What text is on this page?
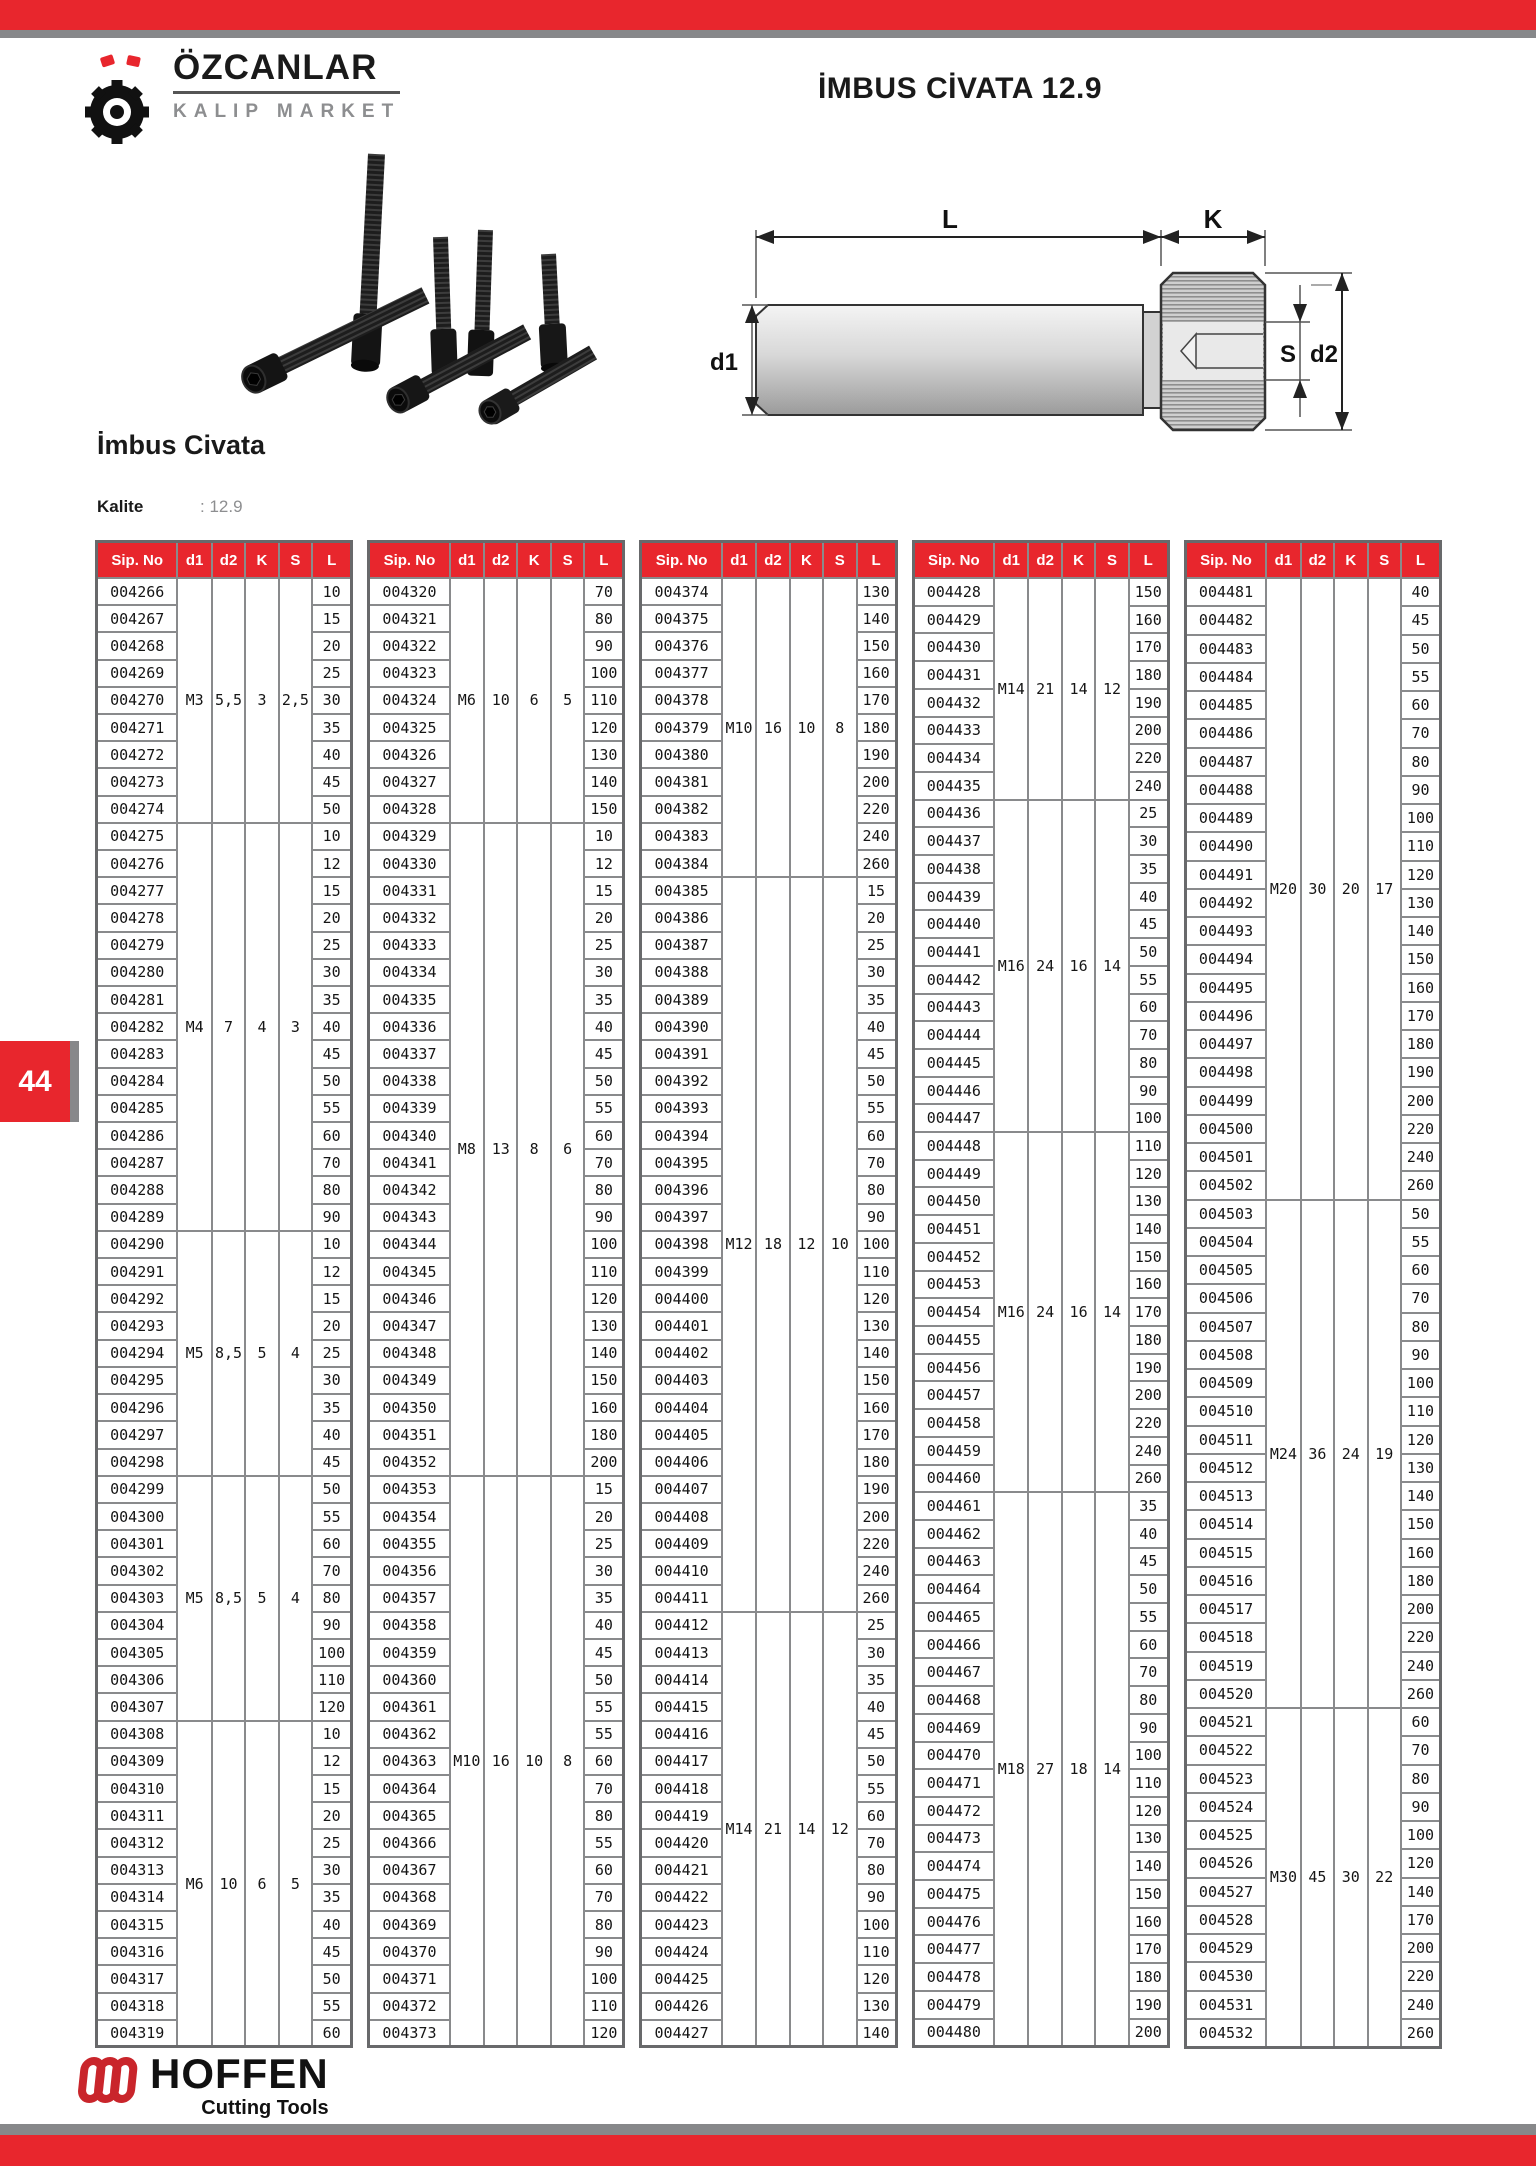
ÖZCANLAR
KALIP MARKET
İMBUS CİVATA 12.9
L	K
d1	S d2
İmbus Civata
Kalite	: 12.9
Sip. No	d1	d2	K	S	L
004266	M3	5,5	3	2,5	10
004267					15
004268					20
004269					25
004270					30
004271					35
004272					40
004273					45
004274					50
004275	M4	7	4	3	10
004276					12
004277					15
004278					20
004279					25
004280					30
004281					35
004282					40
004283					45
004284					50
004285					55
004286					60
004287					70
004288					80
004289					90
004290	M5	8,5	5	4	10
004291					12
004292					15
004293					20
004294					25
004295					30
004296					35
004297					40
004298					45
004299	M5	8,5	5	4	50
004300					55
004301					60
004302					70
004303					80
004304					90
004305					100
004306					110
004307					120
004308	M6	10	6	5	10
004309					12
004310					15
004311					20
004312					25
004313					30
004314					35
004315					40
004316					45
004317					50
004318					55
004319					60
Sip. No	d1	d2	K	S	L
004320	M6	10	6	5	70
004321					80
004322					90
004323					100
004324					110
004325					120
004326					130
004327					140
004328					150
004329	M8	13	8	6	10
004330					12
004331					15
004332					20
004333					25
004334					30
004335					35
004336					40
004337					45
004338					50
004339					55
004340					60
004341					70
004342					80
004343					90
004344					100
004345					110
004346					120
004347					130
004348					140
004349					150
004350					160
004351					180
004352					200
004353	M10	16	10	8	15
004354					20
004355					25
004356					30
004357					35
004358					40
004359					45
004360					50
004361					55
004362					55
004363					60
004364					70
004365					80
004366					55
004367					60
004368					70
004369					80
004370					90
004371					100
004372					110
004373					120
Sip. No	d1	d2	K	S	L
004374	M10	16	10	8	130
004375					140
004376					150
004377					160
004378					170
004379					180
004380					190
004381					200
004382					220
004383					240
004384					260
004385	M12	18	12	10	15
004386					20
004387					25
004388					30
004389					35
004390					40
004391					45
004392					50
004393					55
004394					60
004395					70
004396					80
004397					90
004398					100
004399					110
004400					120
004401					130
004402					140
004403					150
004404					160
004405					170
004406					180
004407					190
004408					200
004409					220
004410					240
004411					260
004412	M14	21	14	12	25
004413					30
004414					35
004415					40
004416					45
004417					50
004418					55
004419					60
004420					70
004421					80
004422					90
004423					100
004424					110
004425					120
004426					130
004427					140
Sip. No	d1	d2	K	S	L
004428	M14	21	14	12	150
004429					160
004430					170
004431					180
004432					190
004433					200
004434					220
004435					240
004436	M16	24	16	14	25
004437					30
004438					35
004439					40
004440					45
004441					50
004442					55
004443					60
004444					70
004445					80
004446					90
004447					100
004448	M16	24	16	14	110
004449					120
004450					130
004451					140
004452					150
004453					160
004454					170
004455					180
004456					190
004457					200
004458					220
004459					240
004460					260
004461	M18	27	18	14	35
004462					40
004463					45
004464					50
004465					55
004466					60
004467					70
004468					80
004469					90
004470					100
004471					110
004472					120
004473					130
004474					140
004475					150
004476					160
004477					170
004478					180
004479					190
004480					200
Sip. No	d1	d2	K	S	L
004481	M20	30	20	17	40
004482					45
004483					50
004484					55
004485					60
004486					70
004487					80
004488					90
004489					100
004490					110
004491					120
004492					130
004493					140
004494					150
004495					160
004496					170
004497					180
004498					190
004499					200
004500					220
004501					240
004502					260
004503	M24	36	24	19	50
004504					55
004505					60
004506					70
004507					80
004508					90
004509					100
004510					110
004511					120
004512					130
004513					140
004514					150
004515					160
004516					180
004517					200
004518					220
004519					240
004520					260
004521	M30	45	30	22	60
004522					70
004523					80
004524					90
004525					100
004526					120
004527					140
004528					170
004529					200
004530					220
004531					240
004532					260
44
HOFFEN
Cutting Tools
